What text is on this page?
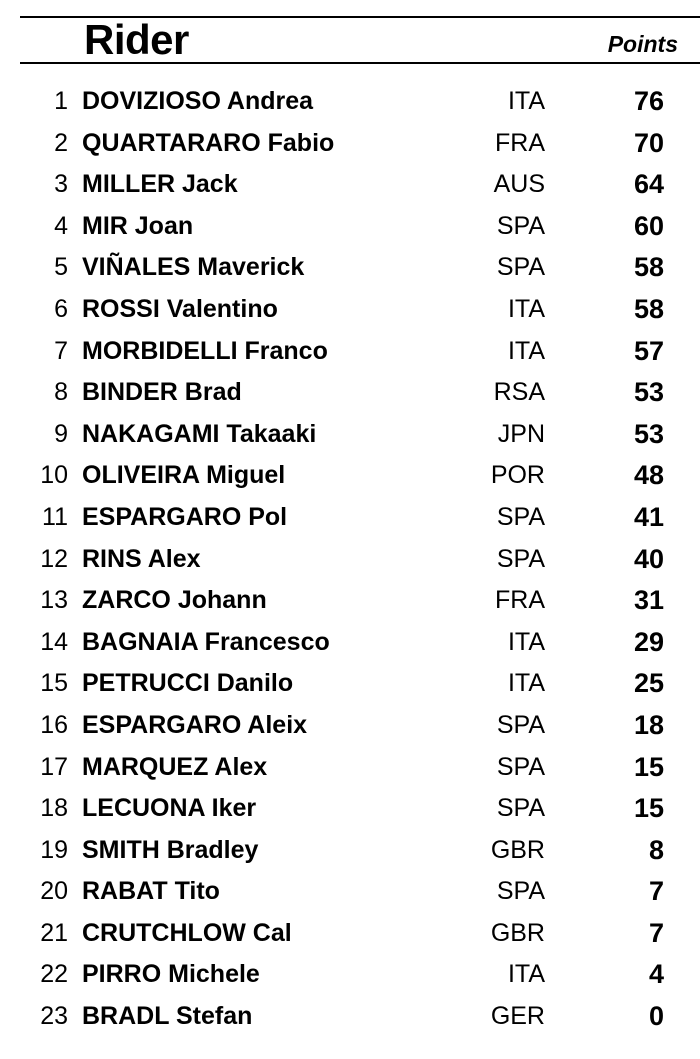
Rider	Points
1 DOVIZIOSO Andrea	ITA	76
2 QUARTARARO Fabio	FRA	70
3 MILLER Jack	AUS	64
4 MIR Joan	SPA	60
5 VIÑALES Maverick	SPA	58
6 ROSSI Valentino	ITA	58
7 MORBIDELLI Franco	ITA	57
8 BINDER Brad	RSA	53
9 NAKAGAMI Takaaki	JPN	53
10 OLIVEIRA Miguel	POR	48
11 ESPARGARO Pol	SPA	41
12 RINS Alex	SPA	40
13 ZARCO Johann	FRA	31
14 BAGNAIA Francesco	ITA	29
15 PETRUCCI Danilo	ITA	25
16 ESPARGARO Aleix	SPA	18
17 MARQUEZ Alex	SPA	15
18 LECUONA Iker	SPA	15
19 SMITH Bradley	GBR	8
20 RABAT Tito	SPA	7
21 CRUTCHLOW Cal	GBR	7
22 PIRRO Michele	ITA	4
23 BRADL Stefan	GER	0
